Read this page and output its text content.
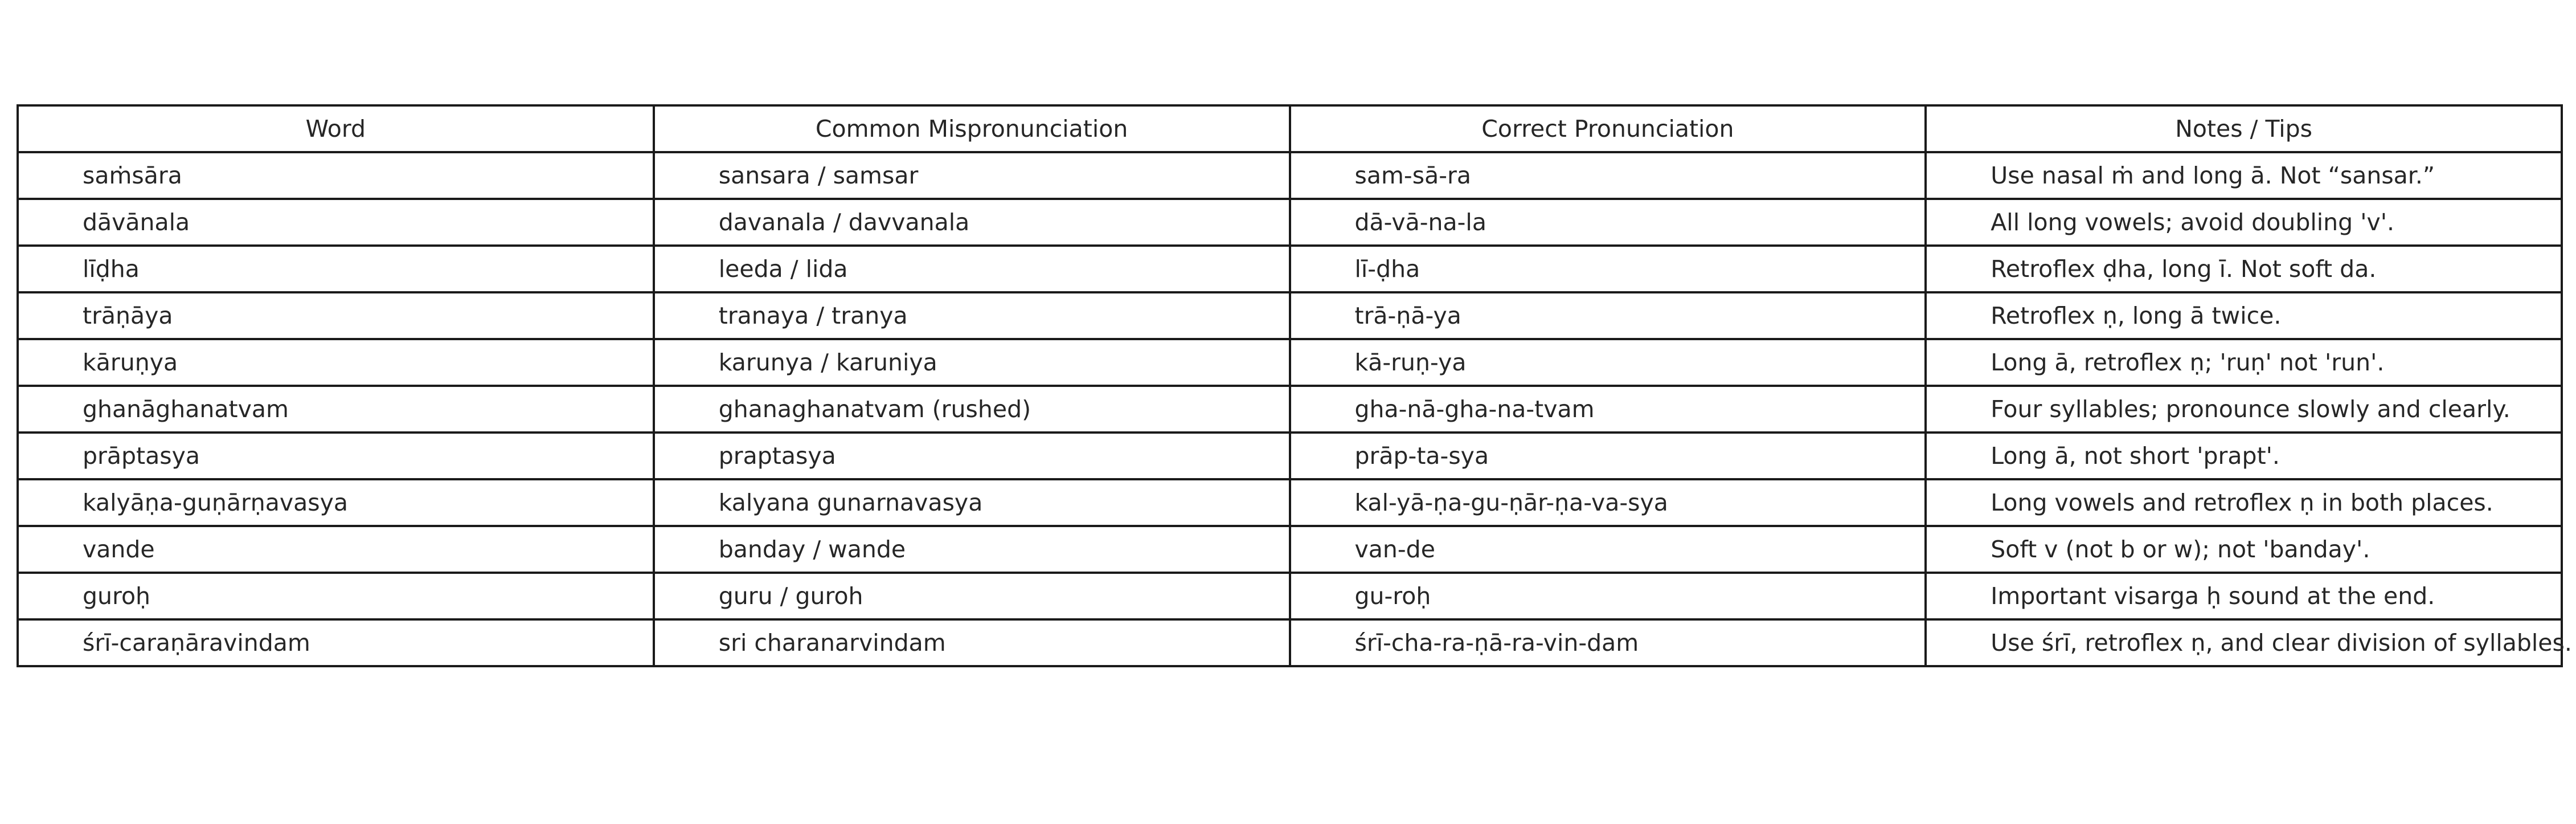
Word	Common Mispronunciation	Correct Pronunciation	Notes / Tips
saṁsāra	sansara / samsar	sam-sā-ra	Use nasal ṁ and long ā. Not “sansar.”
dāvānala	davanala / davvanala	dā-vā-na-la	All long vowels; avoid doubling 'v'.
līḍha	leeda / lida	lī-ḍha	Retroflex ḍha, long ī. Not soft da.
trāṇāya	tranaya / tranya	trā-ṇā-ya	Retroflex ṇ, long ā twice.
kāruṇya	karunya / karuniya	kā-ruṇ-ya	Long ā, retroflex ṇ; 'ruṇ' not 'run'.
ghanāghanatvam	ghanaghanatvam (rushed)	gha-nā-gha-na-tvam	Four syllables; pronounce slowly and clearly.
prāptasya	praptasya	prāp-ta-sya	Long ā, not short 'prapt'.
kalyāṇa-guṇārṇavasya	kalyana gunarnavasya	kal-yā-ṇa-gu-ṇār-ṇa-va-sya	Long vowels and retroflex ṇ in both places.
vande	banday / wande	van-de	Soft v (not b or w); not 'banday'.
guroḥ	guru / guroh	gu-roḥ	Important visarga ḥ sound at the end.
śrī-caraṇāravindam	sri charanarvindam	śrī-cha-ra-ṇā-ra-vin-dam	Use śrī, retroflex ṇ, and clear division of syllables.
